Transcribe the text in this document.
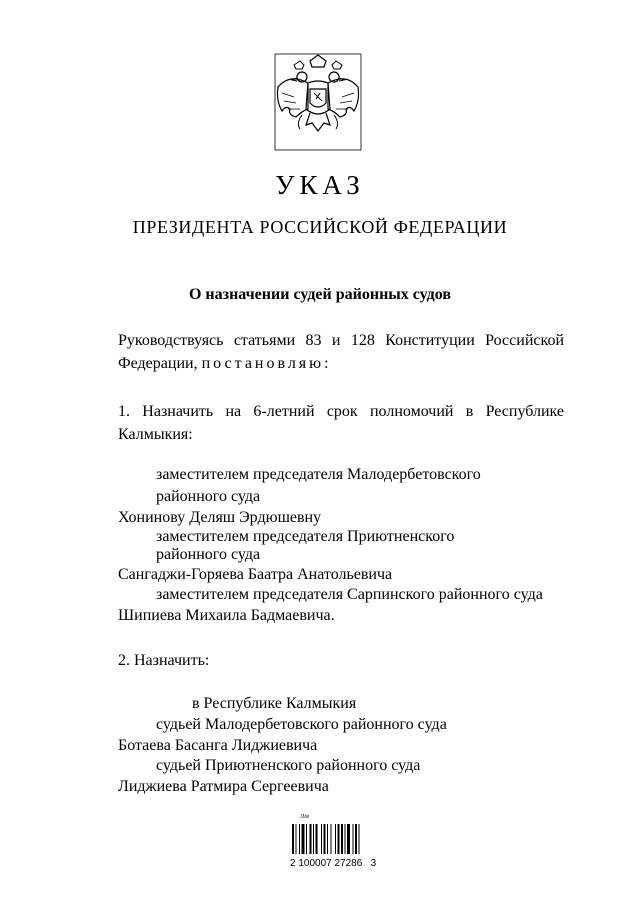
УКАЗ
ПРЕЗИДЕНТА РОССИЙСКОЙ ФЕДЕРАЦИИ
О назначении судей районных судов
Руководствуясь статьями 83 и 128 Конституции Российской
Федерации, постановляю:
1. Назначить на 6-летний срок полномочий в Республике
Калмыкия:
заместителем председателя Малодербетовского
районного суда
Хонинову Деляш Эрдюшевну
заместителем председателя Приютненского
районного суда
Сангаджи-Горяева Баатра Анатольевича
заместителем председателя Сарпинского районного суда
Шипиева Михаила Бадмаевича.
2. Назначить:
в Республике Калмыкия
судьей Малодербетовского районного суда
Ботаева Басанга Лиджиевича
судьей Приютненского районного суда
Лиджиева Ратмира Сергеевича
Лгв
2 100007 27286   3
